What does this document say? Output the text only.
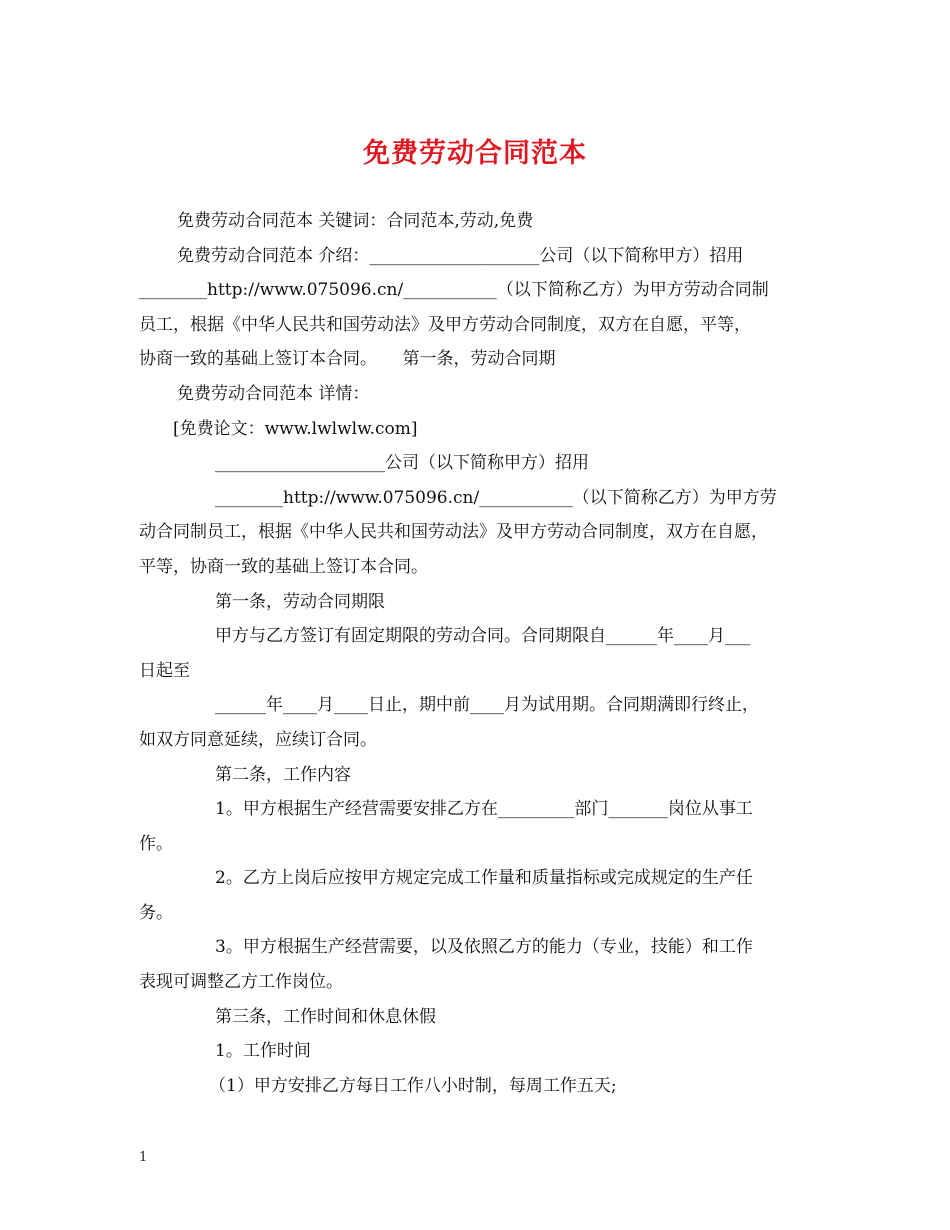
免费劳动合同范本
免费劳动合同范本 关键词：合同范本,劳动,免费
免费劳动合同范本 介绍：____________________公司（以下简称甲方）招用
________http://www.075096.cn/___________（以下简称乙方）为甲方劳动合同制
员工，根据《中华人民共和国劳动法》及甲方劳动合同制度，双方在自愿，平等，
协商一致的基础上签订本合同。　　第一条，劳动合同期
免费劳动合同范本 详情：
[免费论文：www.lwlwlw.com]
____________________公司（以下简称甲方）招用
________http://www.075096.cn/___________（以下简称乙方）为甲方劳
动合同制员工，根据《中华人民共和国劳动法》及甲方劳动合同制度，双方在自愿，
平等，协商一致的基础上签订本合同。
第一条，劳动合同期限
甲方与乙方签订有固定期限的劳动合同。合同期限自______年____月___
日起至
______年____月____日止，期中前____月为试用期。合同期满即行终止，
如双方同意延续，应续订合同。
第二条，工作内容
1。甲方根据生产经营需要安排乙方在_________部门_______岗位从事工
作。
2。乙方上岗后应按甲方规定完成工作量和质量指标或完成规定的生产任
务。
3。甲方根据生产经营需要，以及依照乙方的能力（专业，技能）和工作
表现可调整乙方工作岗位。
第三条，工作时间和休息休假
1。工作时间
（1）甲方安排乙方每日工作八小时制，每周工作五天;
1
